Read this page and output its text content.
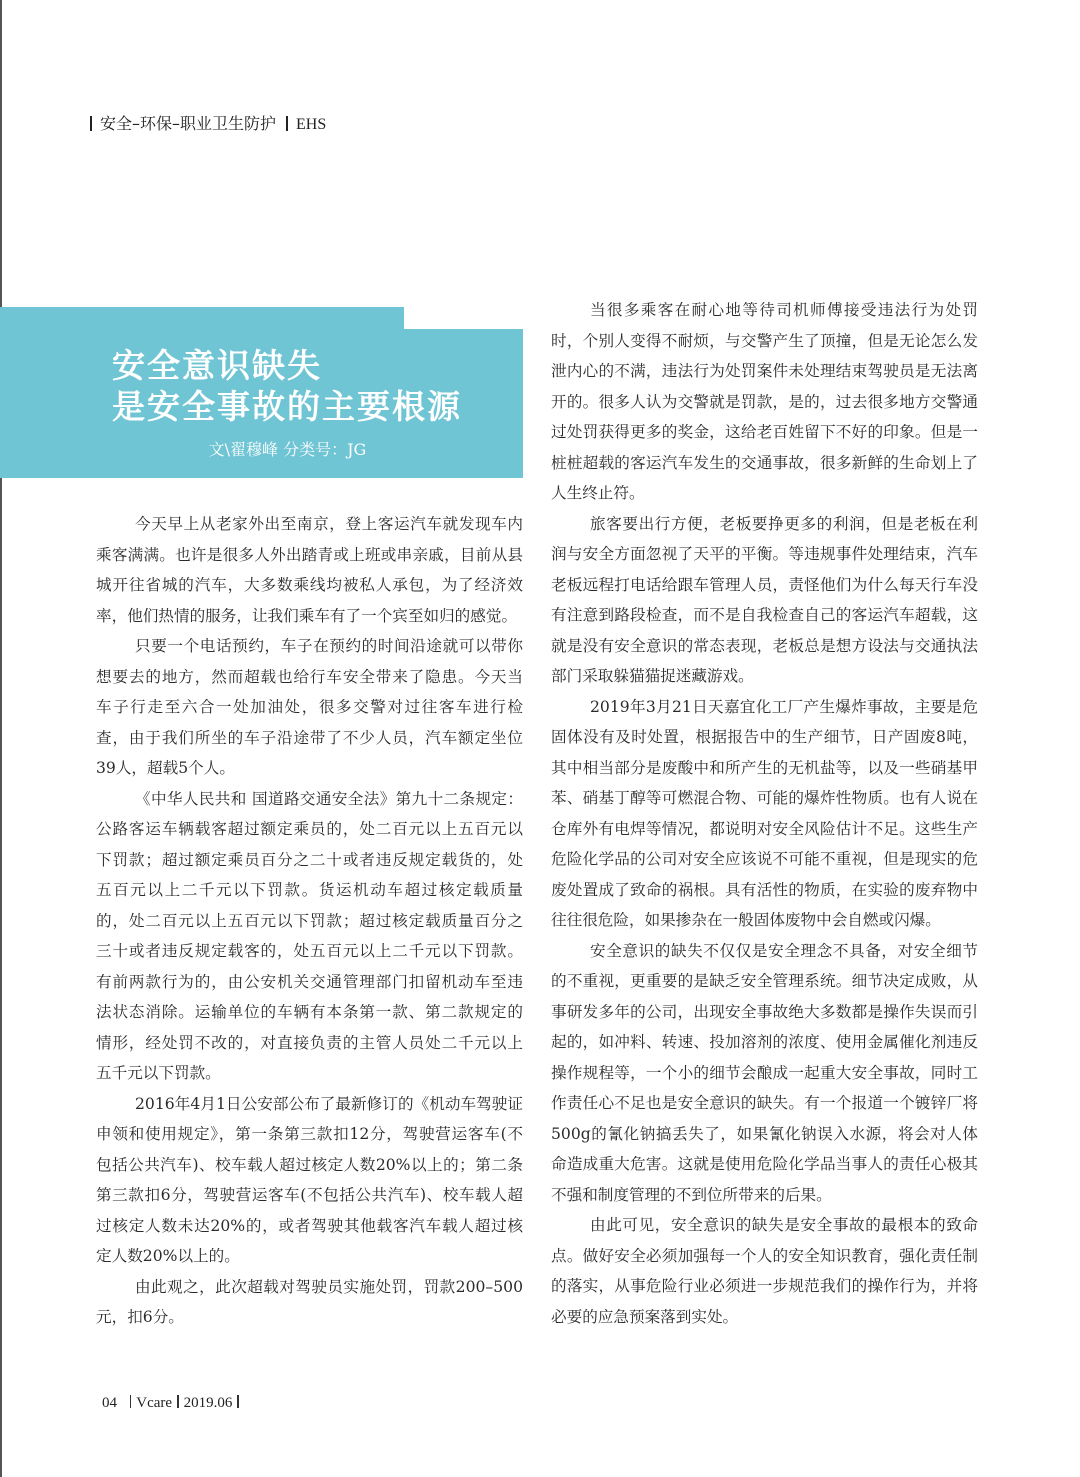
安全–环保–职业卫生防护 EHS
安全意识缺失
是安全事故的主要根源
文\翟穆峰 分类号：JG
今天早上从老家外出至南京，登上客运汽车就发现车内
乘客满满。也许是很多人外出踏青或上班或串亲戚，目前从县
城开往省城的汽车，大多数乘线均被私人承包，为了经济效
率，他们热情的服务，让我们乘车有了一个宾至如归的感觉。
只要一个电话预约，车子在预约的时间沿途就可以带你
想要去的地方，然而超载也给行车安全带来了隐患。今天当
车子行走至六合一处加油处，很多交警对过往客车进行检
查，由于我们所坐的车子沿途带了不少人员，汽车额定坐位
39人，超载5个人。
《中华人民共和 国道路交通安全法》第九十二条规定：
公路客运车辆载客超过额定乘员的，处二百元以上五百元以
下罚款；超过额定乘员百分之二十或者违反规定载货的，处
五百元以上二千元以下罚款。货运机动车超过核定载质量
的，处二百元以上五百元以下罚款；超过核定载质量百分之
三十或者违反规定载客的，处五百元以上二千元以下罚款。
有前两款行为的，由公安机关交通管理部门扣留机动车至违
法状态消除。运输单位的车辆有本条第一款、第二款规定的
情形，经处罚不改的，对直接负责的主管人员处二千元以上
五千元以下罚款。
2016年4月1日公安部公布了最新修订的《机动车驾驶证
申领和使用规定》，第一条第三款扣12分，驾驶营运客车(不
包括公共汽车)、校车载人超过核定人数20%以上的；第二条
第三款扣6分，驾驶营运客车(不包括公共汽车)、校车载人超
过核定人数未达20%的，或者驾驶其他载客汽车载人超过核
定人数20%以上的。
由此观之，此次超载对驾驶员实施处罚，罚款200–500
元，扣6分。
当很多乘客在耐心地等待司机师傅接受违法行为处罚
时，个别人变得不耐烦，与交警产生了顶撞，但是无论怎么发
泄内心的不满，违法行为处罚案件未处理结束驾驶员是无法离
开的。很多人认为交警就是罚款，是的，过去很多地方交警通
过处罚获得更多的奖金，这给老百姓留下不好的印象。但是一
桩桩超载的客运汽车发生的交通事故，很多新鲜的生命划上了
人生终止符。
旅客要出行方便，老板要挣更多的利润，但是老板在利
润与安全方面忽视了天平的平衡。等违规事件处理结束，汽车
老板远程打电话给跟车管理人员，责怪他们为什么每天行车没
有注意到路段检查，而不是自我检查自己的客运汽车超载，这
就是没有安全意识的常态表现，老板总是想方设法与交通执法
部门采取躲猫猫捉迷藏游戏。
2019年3月21日天嘉宜化工厂产生爆炸事故，主要是危
固体没有及时处置，根据报告中的生产细节，日产固废8吨，
其中相当部分是废酸中和所产生的无机盐等，以及一些硝基甲
苯、硝基丁醇等可燃混合物、可能的爆炸性物质。也有人说在
仓库外有电焊等情况，都说明对安全风险估计不足。这些生产
危险化学品的公司对安全应该说不可能不重视，但是现实的危
废处置成了致命的祸根。具有活性的物质，在实验的废弃物中
往往很危险，如果掺杂在一般固体废物中会自燃或闪爆。
安全意识的缺失不仅仅是安全理念不具备，对安全细节
的不重视，更重要的是缺乏安全管理系统。细节决定成败，从
事研发多年的公司，出现安全事故绝大多数都是操作失误而引
起的，如冲料、转速、投加溶剂的浓度、使用金属催化剂违反
操作规程等，一个小的细节会酿成一起重大安全事故，同时工
作责任心不足也是安全意识的缺失。有一个报道一个镀锌厂将
500g的氰化钠搞丢失了，如果氰化钠误入水源，将会对人体
命造成重大危害。这就是使用危险化学品当事人的责任心极其
不强和制度管理的不到位所带来的后果。
由此可见，安全意识的缺失是安全事故的最根本的致命
点。做好安全必须加强每一个人的安全知识教育，强化责任制
的落实，从事危险行业必须进一步规范我们的操作行为，并将
必要的应急预案落到实处。
04 Vcare 2019.06
